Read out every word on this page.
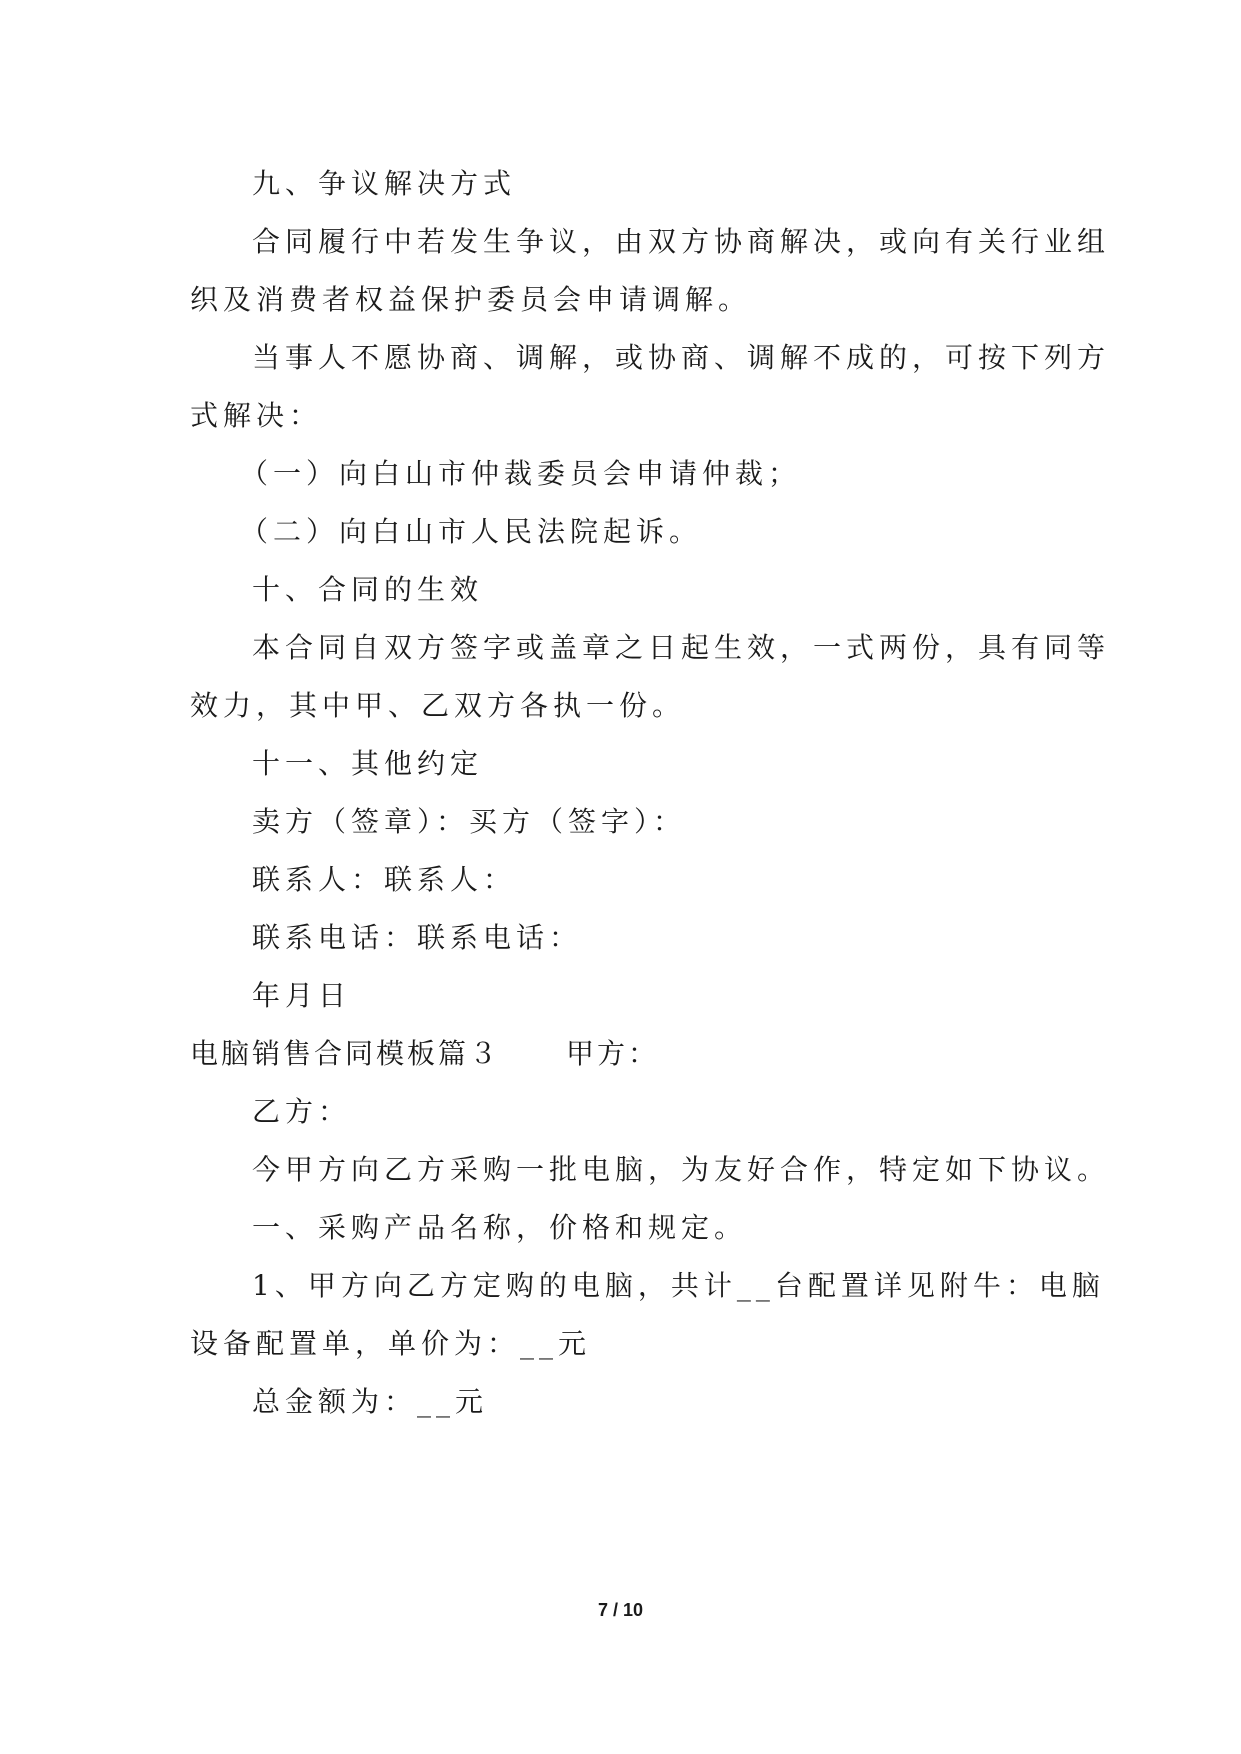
九、争议解决方式
合同履行中若发生争议，由双方协商解决，或向有关行业组
织及消费者权益保护委员会申请调解。
当事人不愿协商、调解，或协商、调解不成的，可按下列方
式解决：
（一）向白山市仲裁委员会申请仲裁；
（二）向白山市人民法院起诉。
十、合同的生效
本合同自双方签字或盖章之日起生效，一式两份，具有同等
效力，其中甲、乙双方各执一份。
十一、其他约定
卖方（签章）：买方（签字）：
联系人：联系人：
联系电话：联系电话：
年月日
电脑销售合同模板篇３ 甲方：
乙方：
今甲方向乙方采购一批电脑，为友好合作，特定如下协议。
一、采购产品名称，价格和规定。
1、甲方向乙方定购的电脑，共计__台配置详见附牛：电脑
设备配置单，单价为：__元
总金额为：__元
7 / 10
